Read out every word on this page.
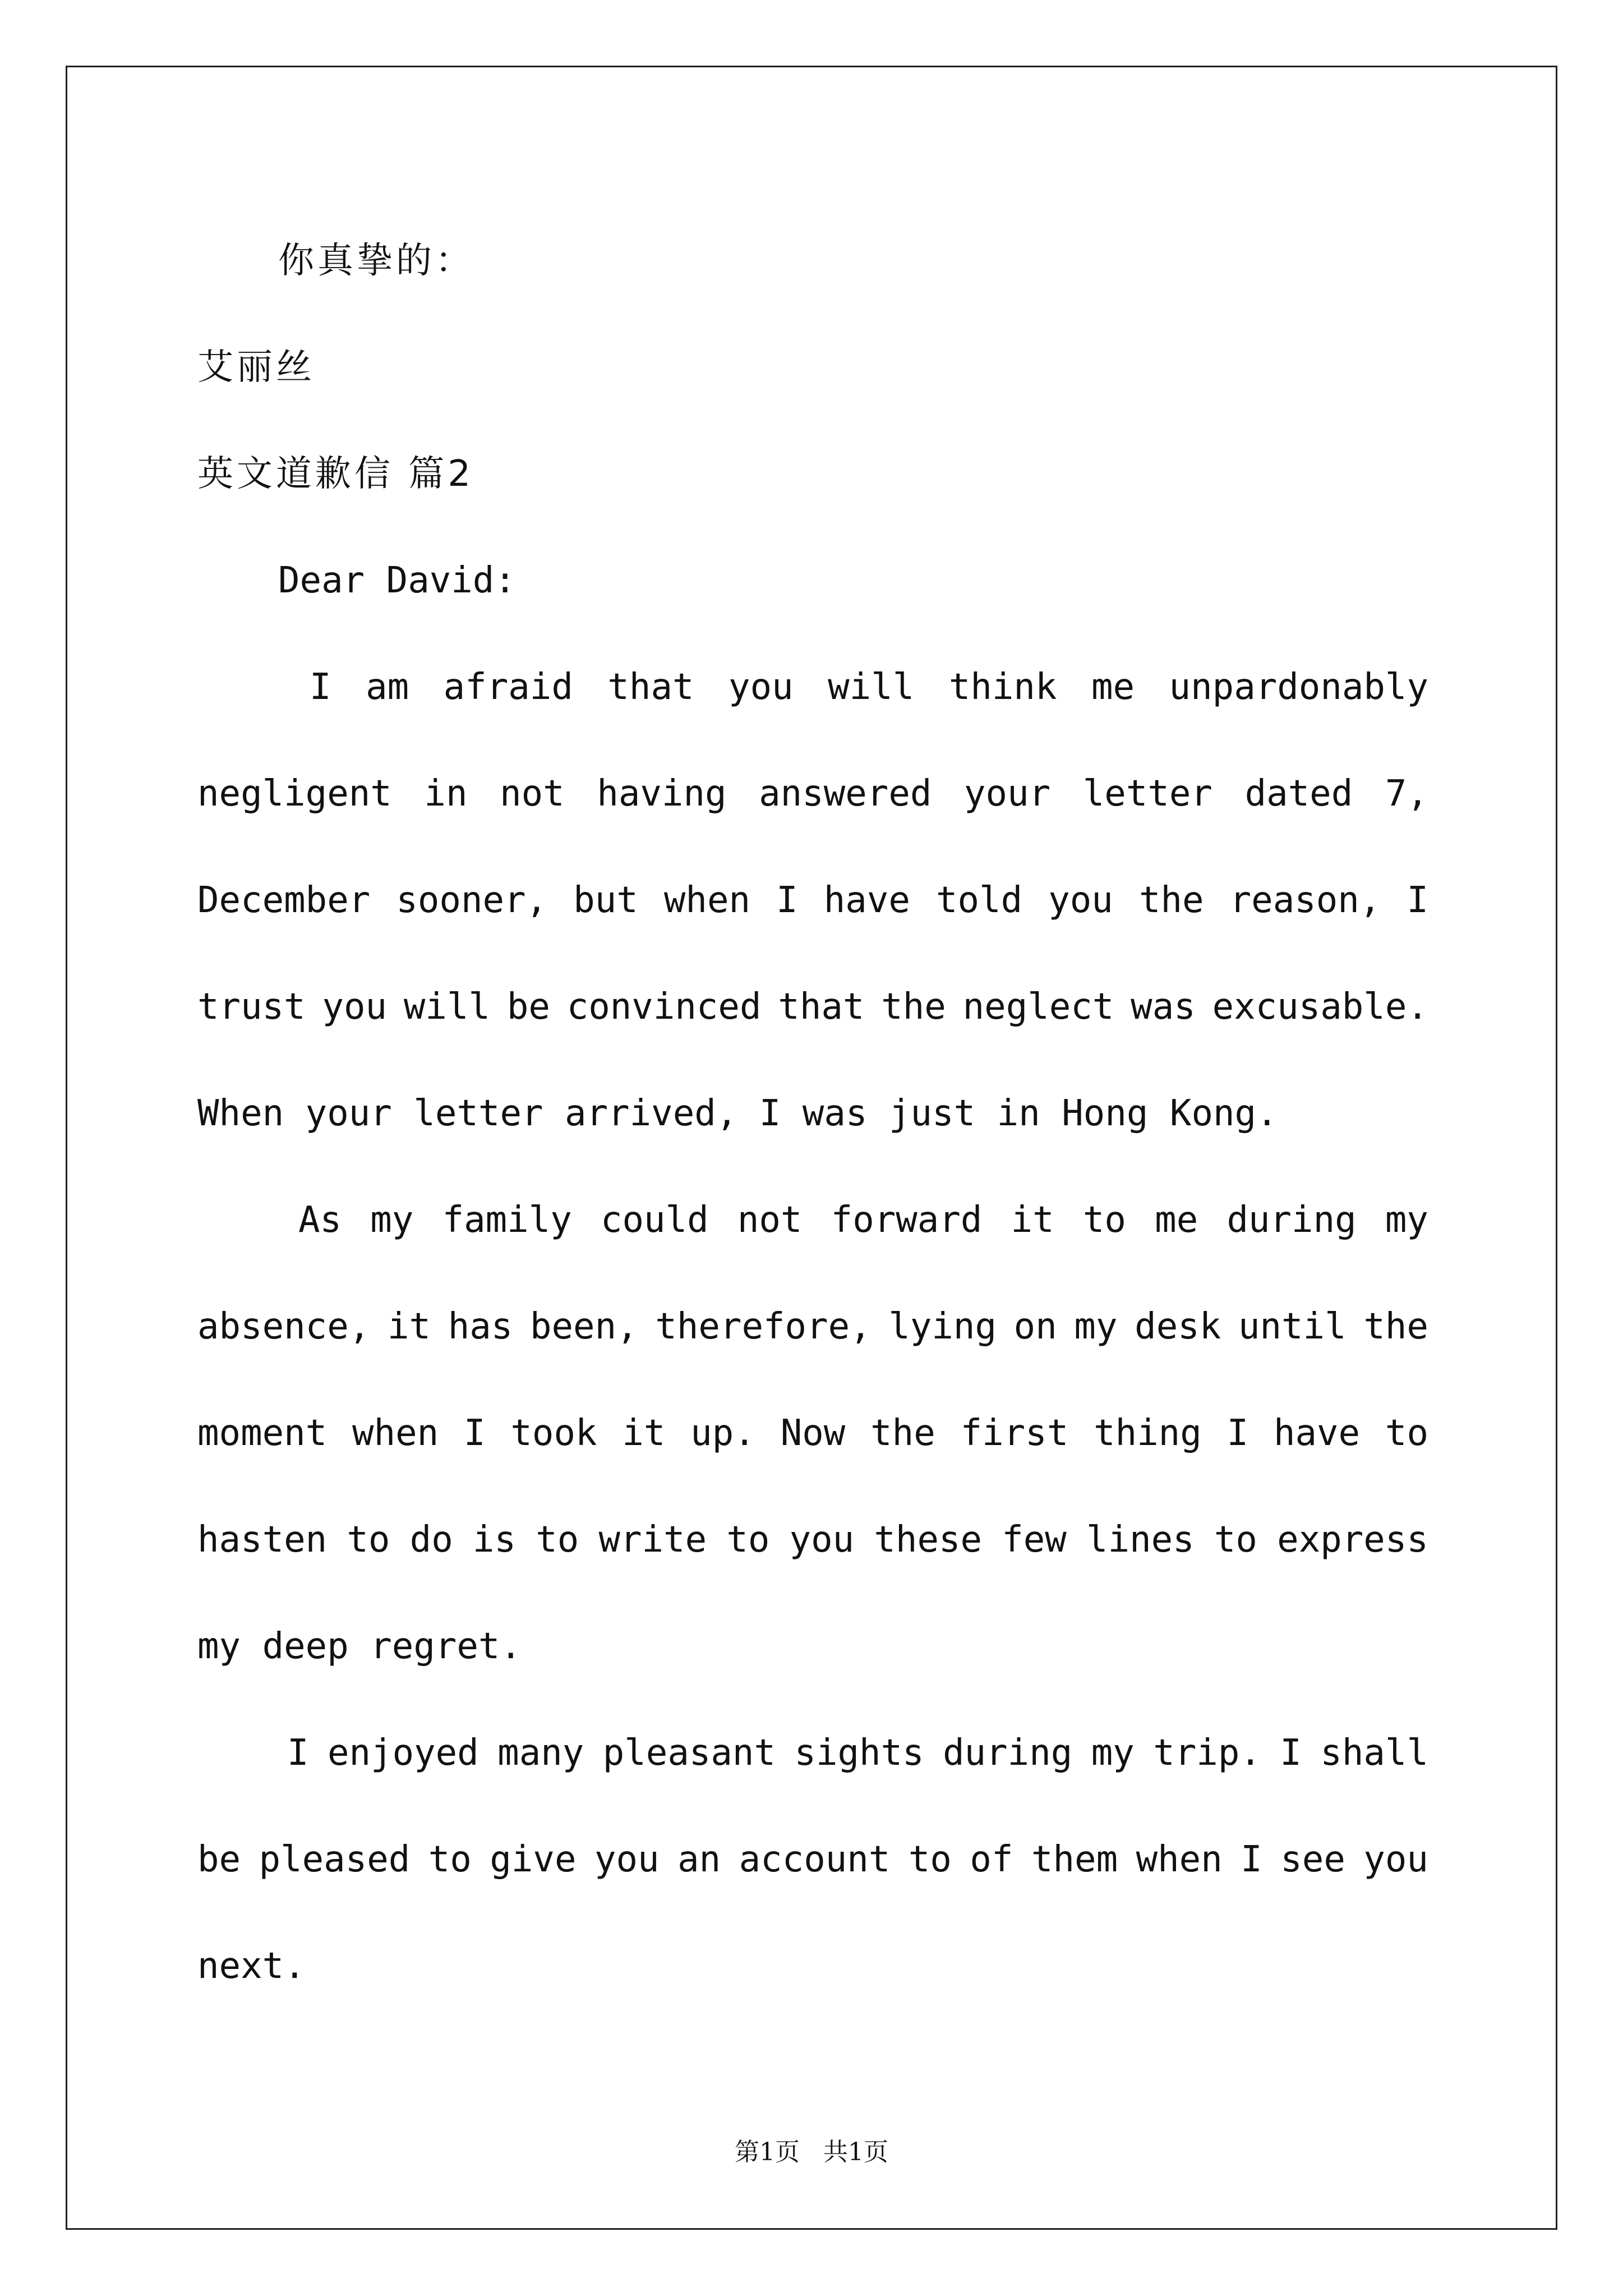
你真挚的：
艾丽丝
英文道歉信 篇2
Dear David:
I am afraid that you will think me unpardonably
negligent in not having answered your letter dated 7,
December sooner, but when I have told you the reason, I
trust you will be convinced that the neglect was excusable.
When your letter arrived, I was just in Hong Kong.
As my family could not forward it to me during my
absence, it has been, therefore, lying on my desk until the
moment when I took it up. Now the first thing I have to
hasten to do is to write to you these few lines to express
my deep regret.
I enjoyed many pleasant sights during my trip. I shall
be pleased to give you an account to of them when I see you
next.
第1页 共1页
